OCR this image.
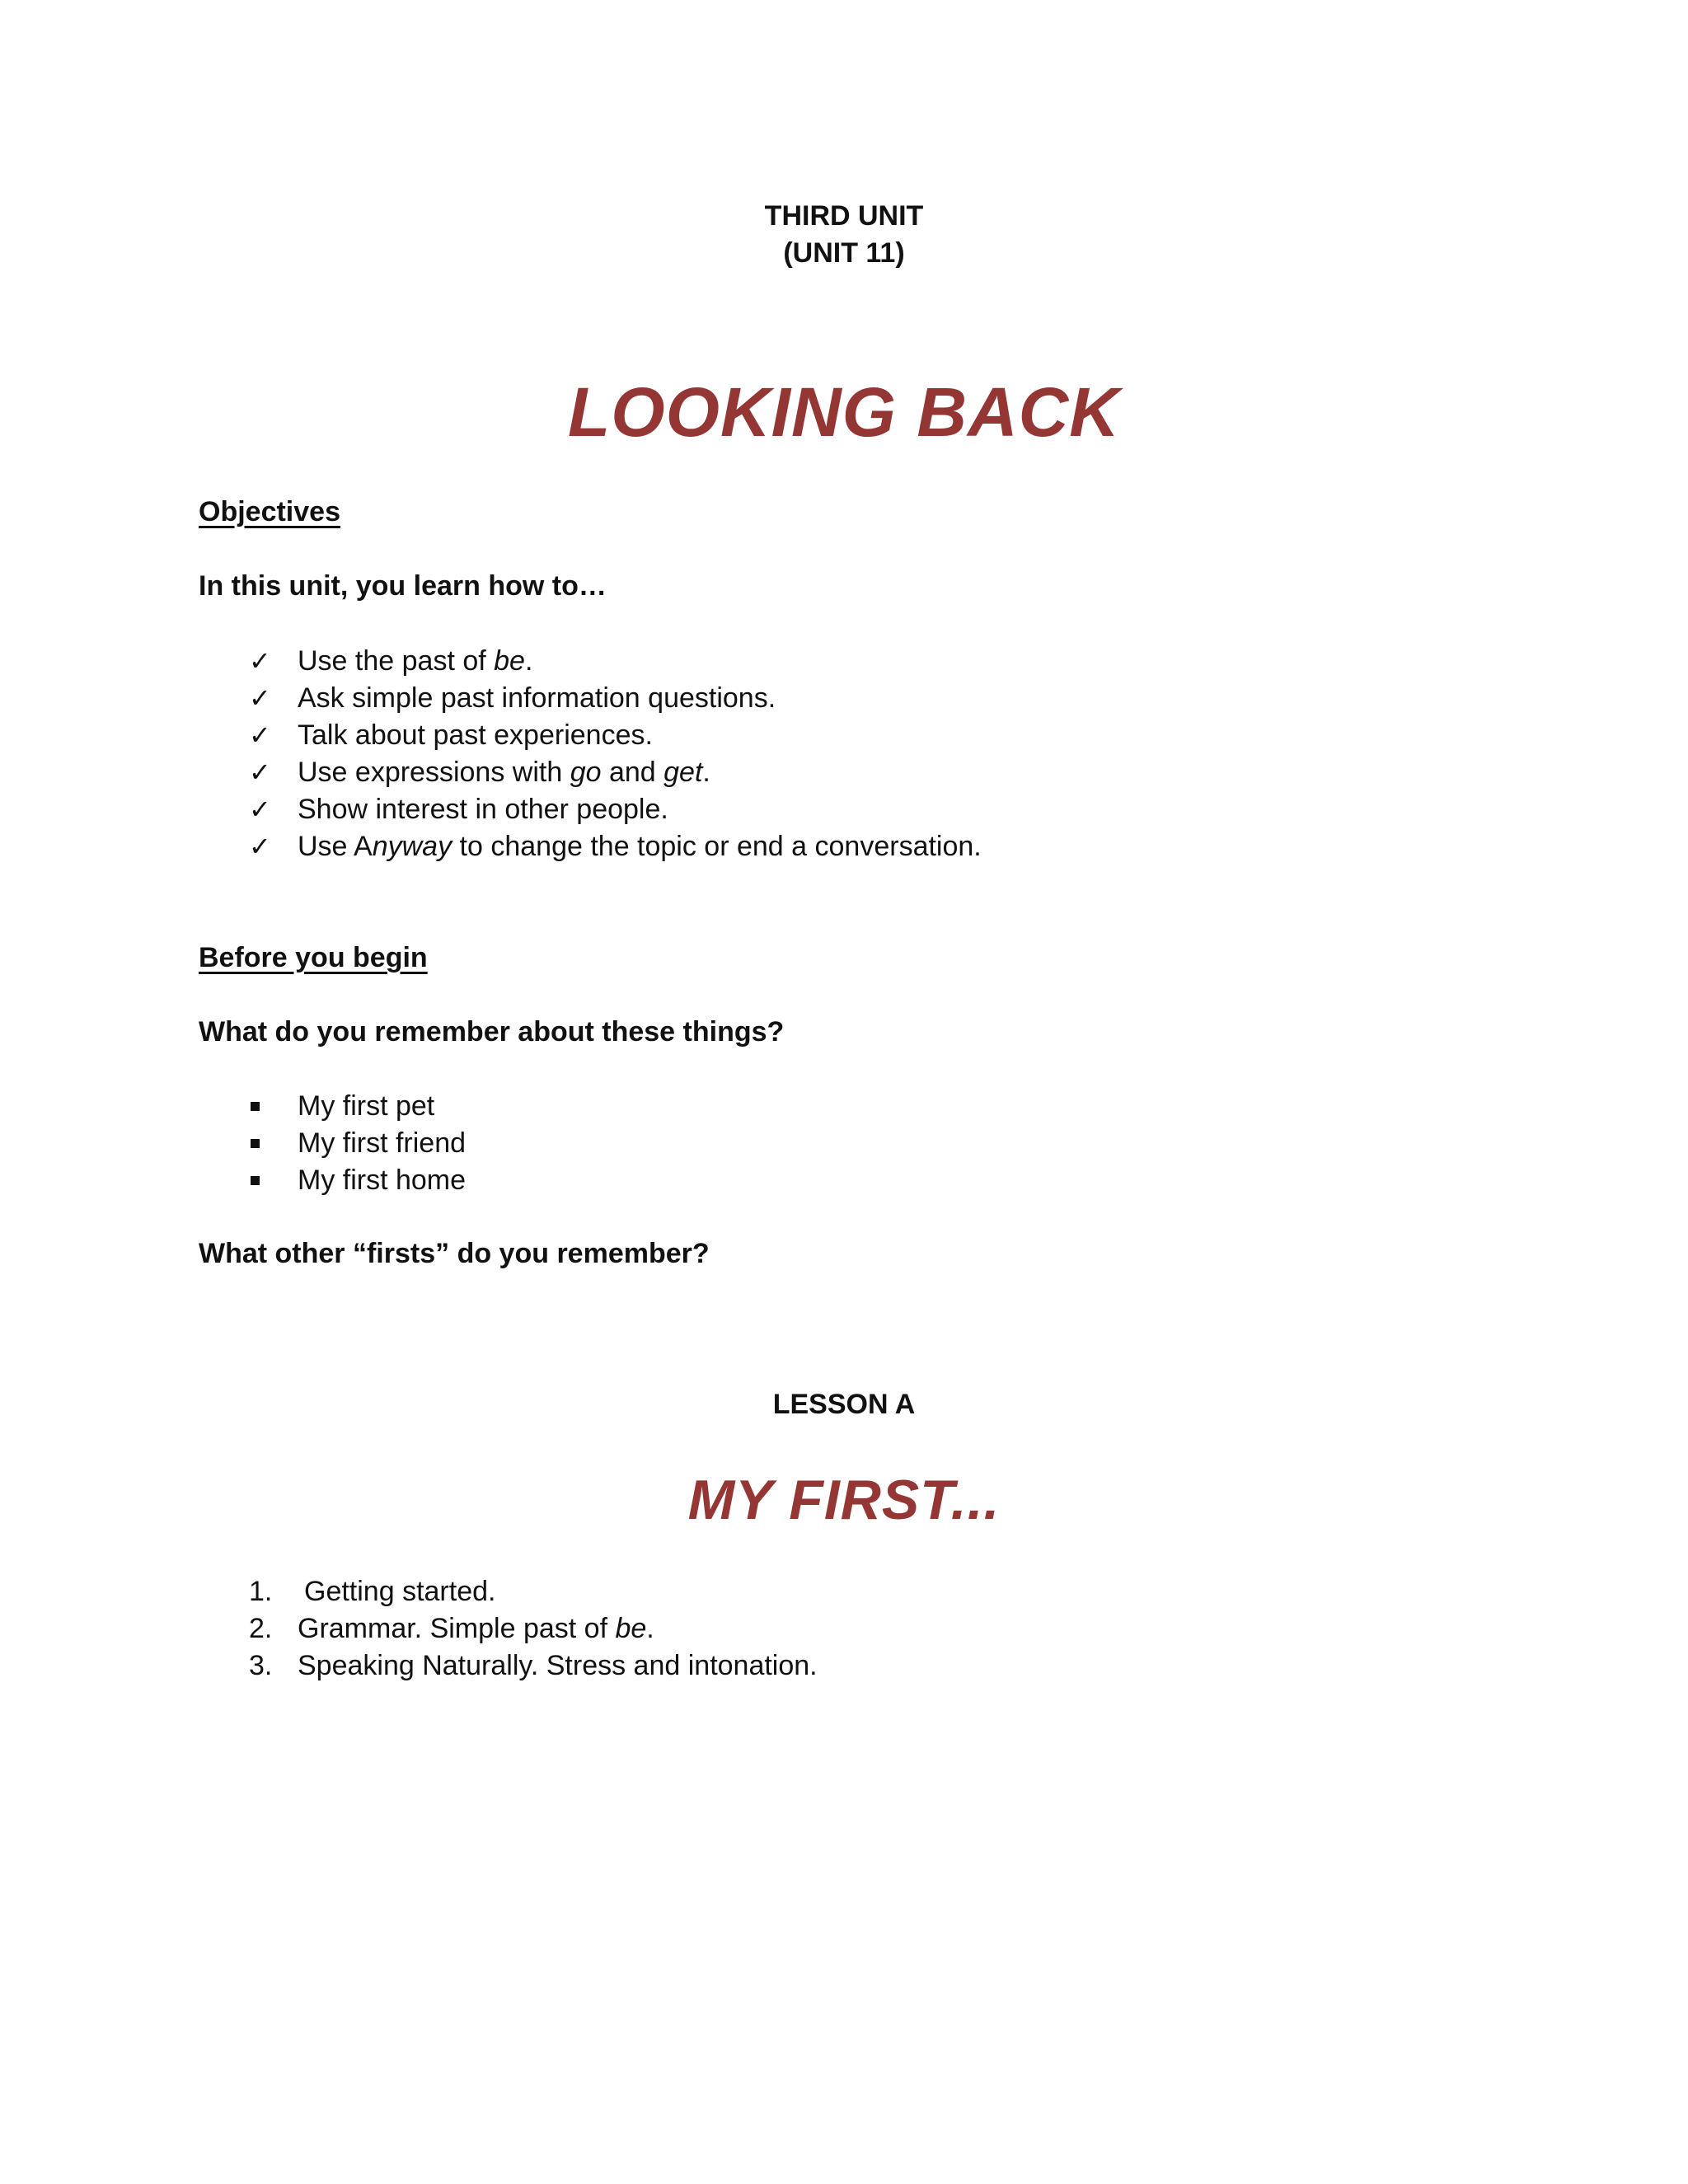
THIRD UNIT
(UNIT 11)
LOOKING BACK
Objectives
In this unit, you learn how to…
✓ Use the past of be.
✓ Ask simple past information questions.
✓ Talk about past experiences.
✓ Use expressions with go and get.
✓ Show interest in other people.
✓ Use Anyway to change the topic or end a conversation.
Before you begin
What do you remember about these things?
My first pet
My first friend
My first home
What other “firsts” do you remember?
LESSON A
MY FIRST...
1. Getting started.
2. Grammar. Simple past of be.
3. Speaking Naturally. Stress and intonation.
